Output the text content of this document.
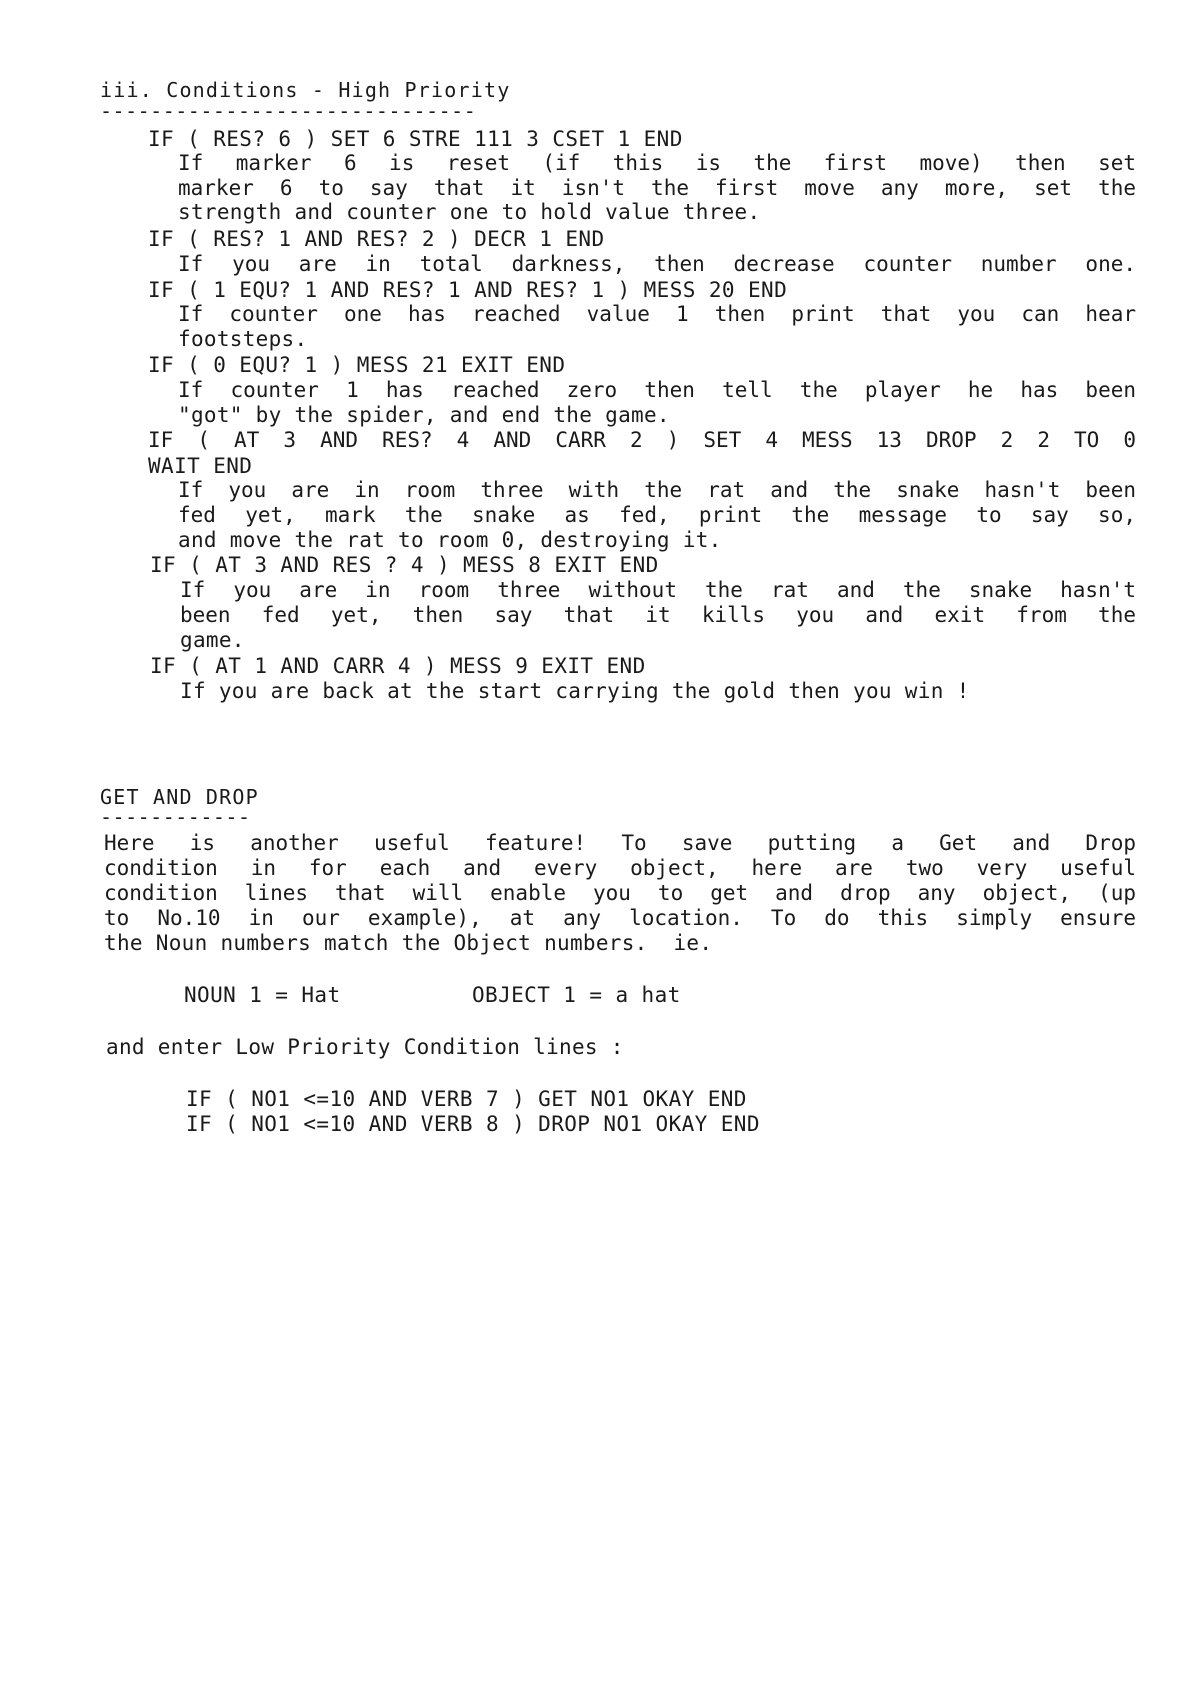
iii. Conditions - High Priority
------------------------------
IF ( RES? 6 ) SET 6 STRE 111 3 CSET 1 END
If marker 6 is reset (if this is the first move) then set
marker 6 to say that it isn't the first move any more, set the
strength and counter one to hold value three.
IF ( RES? 1 AND RES? 2 ) DECR 1 END
If you are in total darkness, then decrease counter number one.
IF ( 1 EQU? 1 AND RES? 1 AND RES? 1 ) MESS 20 END
If counter one has reached value 1 then print that you can hear
footsteps.
IF ( 0 EQU? 1 ) MESS 21 EXIT END
If counter 1 has reached zero then tell the player he has been
"got" by the spider, and end the game.
IF ( AT 3 AND RES? 4 AND CARR 2 ) SET 4 MESS 13 DROP 2 2 TO 0
WAIT END
If you are in room three with the rat and the snake hasn't been
fed yet, mark the snake as fed, print the message to say so,
and move the rat to room 0, destroying it.
IF ( AT 3 AND RES ? 4 ) MESS 8 EXIT END
If you are in room three without the rat and the snake hasn't
been fed yet, then say that it kills you and exit from the
game.
IF ( AT 1 AND CARR 4 ) MESS 9 EXIT END
If you are back at the start carrying the gold then you win !
GET AND DROP
------------
Here is another useful feature! To save putting a Get and Drop
condition in for each and every object, here are two very useful
condition lines that will enable you to get and drop any object, (up
to No.10 in our example), at any location. To do this simply ensure
the Noun numbers match the Object numbers.  ie.
NOUN 1 = Hat	OBJECT 1 = a hat
and enter Low Priority Condition lines :
IF ( NO1 <=10 AND VERB 7 ) GET NO1 OKAY END
IF ( NO1 <=10 AND VERB 8 ) DROP NO1 OKAY END
